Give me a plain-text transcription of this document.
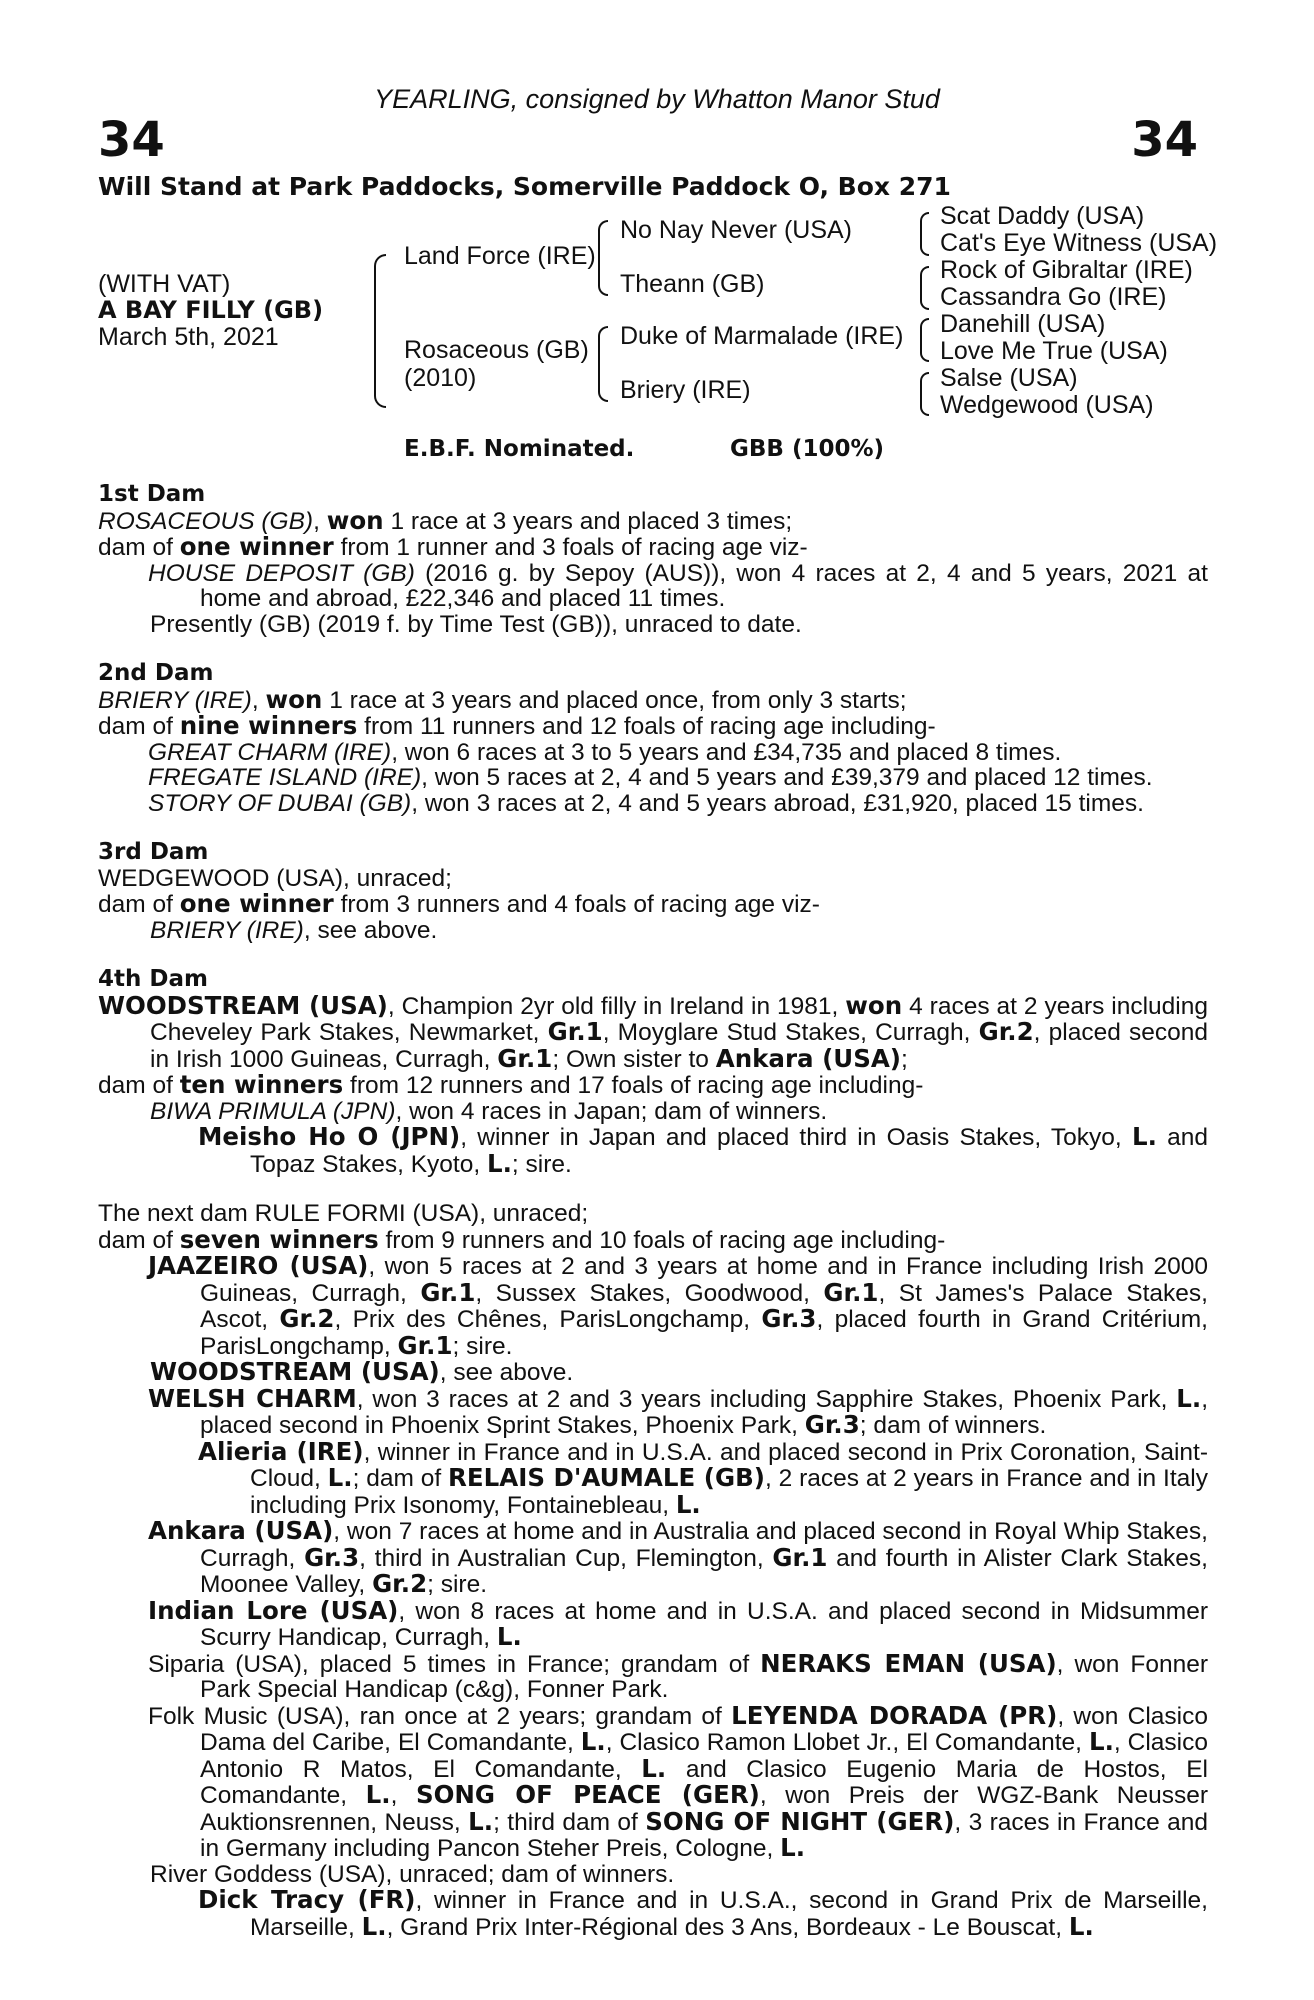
YEARLING, consigned by Whatton Manor Stud
34	34
Will Stand at Park Paddocks, Somerville Paddock O, Box 271
(WITH VAT)
A BAY FILLY (GB)
March 5th, 2021
Land Force (IRE)
Rosaceous (GB)
(2010)
No Nay Never (USA)
Theann (GB)
Duke of Marmalade (IRE)
Briery (IRE)
Scat Daddy (USA)
Cat's Eye Witness (USA)
Rock of Gibraltar (IRE)
Cassandra Go (IRE)
Danehill (USA)
Love Me True (USA)
Salse (USA)
Wedgewood (USA)
E.B.F. Nominated.	GBB (100%)

1st Dam

ROSACEOUS (GB), won 1 race at 3 years and placed 3 times;

dam of one winner from 1 runner and 3 foals of racing age viz-

HOUSE DEPOSIT (GB) (2016 g. by Sepoy (AUS)), won 4 races at 2, 4 and 5 years, 2021 at home and abroad, £22,346 and placed 11 times.

Presently (GB) (2019 f. by Time Test (GB)), unraced to date.

2nd Dam

BRIERY (IRE), won 1 race at 3 years and placed once, from only 3 starts;

dam of nine winners from 11 runners and 12 foals of racing age including-

GREAT CHARM (IRE), won 6 races at 3 to 5 years and £34,735 and placed 8 times.

FREGATE ISLAND (IRE), won 5 races at 2, 4 and 5 years and £39,379 and placed 12 times.

STORY OF DUBAI (GB), won 3 races at 2, 4 and 5 years abroad, £31,920, placed 15 times.

3rd Dam

WEDGEWOOD (USA), unraced;

dam of one winner from 3 runners and 4 foals of racing age viz-

BRIERY (IRE), see above.

4th Dam

WOODSTREAM (USA), Champion 2yr old filly in Ireland in 1981, won 4 races at 2 years including Cheveley Park Stakes, Newmarket, Gr.1, Moyglare Stud Stakes, Curragh, Gr.2, placed second in Irish 1000 Guineas, Curragh, Gr.1; Own sister to Ankara (USA);

dam of ten winners from 12 runners and 17 foals of racing age including-

BIWA PRIMULA (JPN), won 4 races in Japan; dam of winners.

Meisho Ho O (JPN), winner in Japan and placed third in Oasis Stakes, Tokyo, L. and Topaz Stakes, Kyoto, L.; sire.

The next dam RULE FORMI (USA), unraced;

dam of seven winners from 9 runners and 10 foals of racing age including-

JAAZEIRO (USA), won 5 races at 2 and 3 years at home and in France including Irish 2000 Guineas, Curragh, Gr.1, Sussex Stakes, Goodwood, Gr.1, St James's Palace Stakes, Ascot, Gr.2, Prix des Chênes, ParisLongchamp, Gr.3, placed fourth in Grand Critérium, ParisLongchamp, Gr.1; sire.

WOODSTREAM (USA), see above.

WELSH CHARM, won 3 races at 2 and 3 years including Sapphire Stakes, Phoenix Park, L., placed second in Phoenix Sprint Stakes, Phoenix Park, Gr.3; dam of winners.

Alieria (IRE), winner in France and in U.S.A. and placed second in Prix Coronation, Saint-Cloud, L.; dam of RELAIS D'AUMALE (GB), 2 races at 2 years in France and in Italy including Prix Isonomy, Fontainebleau, L.

Ankara (USA), won 7 races at home and in Australia and placed second in Royal Whip Stakes, Curragh, Gr.3, third in Australian Cup, Flemington, Gr.1 and fourth in Alister Clark Stakes, Moonee Valley, Gr.2; sire.

Indian Lore (USA), won 8 races at home and in U.S.A. and placed second in Midsummer Scurry Handicap, Curragh, L.

Siparia (USA), placed 5 times in France; grandam of NERAKS EMAN (USA), won Fonner Park Special Handicap (c&g), Fonner Park.

Folk Music (USA), ran once at 2 years; grandam of LEYENDA DORADA (PR), won Clasico Dama del Caribe, El Comandante, L., Clasico Ramon Llobet Jr., El Comandante, L., Clasico Antonio R Matos, El Comandante, L. and Clasico Eugenio Maria de Hostos, El Comandante, L., SONG OF PEACE (GER), won Preis der WGZ-Bank Neusser Auktionsrennen, Neuss, L.; third dam of SONG OF NIGHT (GER), 3 races in France and in Germany including Pancon Steher Preis, Cologne, L.

River Goddess (USA), unraced; dam of winners.

Dick Tracy (FR), winner in France and in U.S.A., second in Grand Prix de Marseille, Marseille, L., Grand Prix Inter-Régional des 3 Ans, Bordeaux - Le Bouscat, L.
